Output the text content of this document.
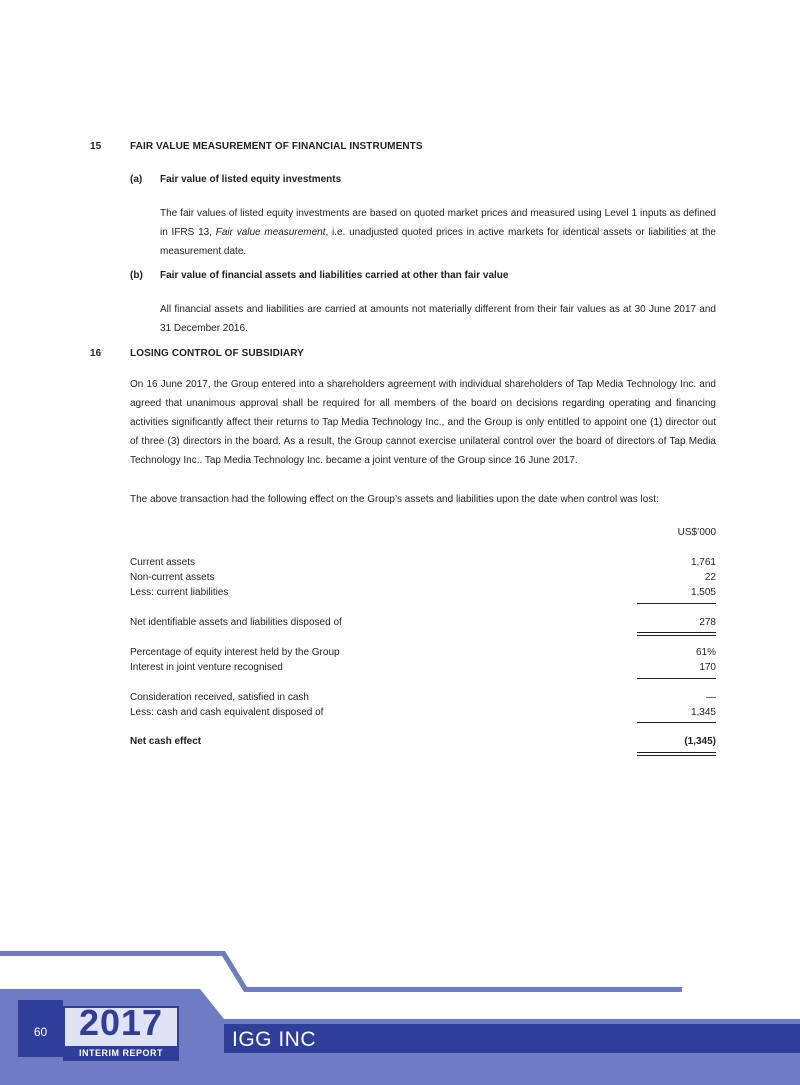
15	FAIR VALUE MEASUREMENT OF FINANCIAL INSTRUMENTS
(a) Fair value of listed equity investments
The fair values of listed equity investments are based on quoted market prices and measured using Level 1 inputs as defined in IFRS 13, Fair value measurement, i.e. unadjusted quoted prices in active markets for identical assets or liabilities at the measurement date.
(b) Fair value of financial assets and liabilities carried at other than fair value
All financial assets and liabilities are carried at amounts not materially different from their fair values as at 30 June 2017 and 31 December 2016.
16	LOSING CONTROL OF SUBSIDIARY
On 16 June 2017, the Group entered into a shareholders agreement with individual shareholders of Tap Media Technology Inc. and agreed that unanimous approval shall be required for all members of the board on decisions regarding operating and financing activities significantly affect their returns to Tap Media Technology Inc., and the Group is only entitled to appoint one (1) director out of three (3) directors in the board. As a result, the Group cannot exercise unilateral control over the board of directors of Tap Media Technology Inc.. Tap Media Technology Inc. became a joint venture of the Group since 16 June 2017.
The above transaction had the following effect on the Group’s assets and liabilities upon the date when control was lost:
US$’000
Current assets	1,761
Non-current assets	22
Less: current liabilities	1,505
Net identifiable assets and liabilities disposed of	278
Percentage of equity interest held by the Group	61%
Interest in joint venture recognised	170
Consideration received, satisfied in cash	—
Less: cash and cash equivalent disposed of	1,345
Net cash effect	(1,345)
60 2017
INTERIM REPORT
IGG INC
